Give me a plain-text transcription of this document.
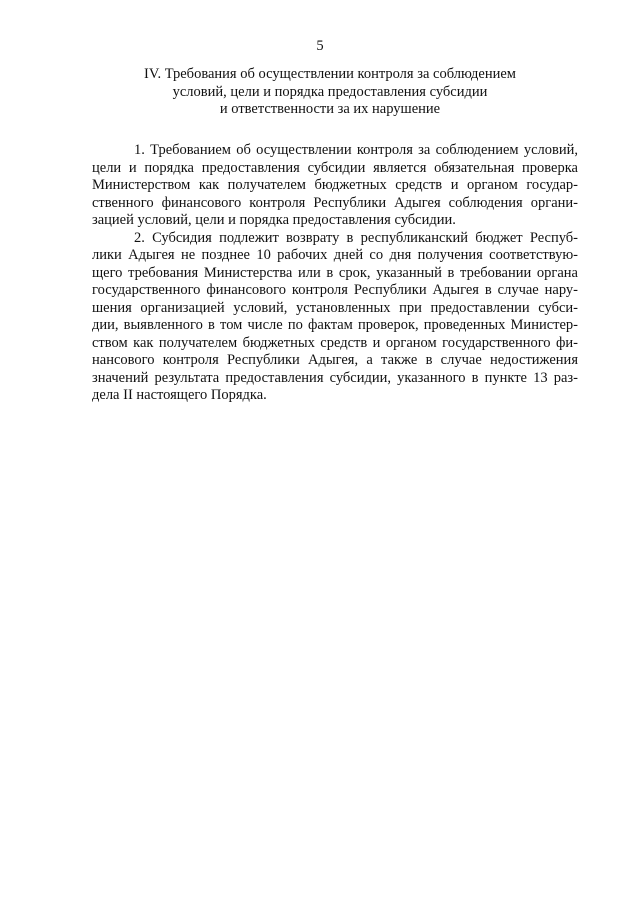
5
IV. Требования об осуществлении контроля за соблюдением
условий, цели и порядка предоставления субсидии
и ответственности за их нарушение
1. Требованием об осуществлении контроля за соблюдением условий,
цели и порядка предоставления субсидии является обязательная проверка
Министерством как получателем бюджетных средств и органом государ-
ственного финансового контроля Республики Адыгея соблюдения органи-
зацией условий, цели и порядка предоставления субсидии.
2. Субсидия подлежит возврату в республиканский бюджет Респуб-
лики Адыгея не позднее 10 рабочих дней со дня получения соответствую-
щего требования Министерства или в срок, указанный в требовании органа
государственного финансового контроля Республики Адыгея в случае нару-
шения организацией условий, установленных при предоставлении субси-
дии, выявленного в том числе по фактам проверок, проведенных Министер-
ством как получателем бюджетных средств и органом государственного фи-
нансового контроля Республики Адыгея, а также в случае недостижения
значений результата предоставления субсидии, указанного в пункте 13 раз-
дела II настоящего Порядка.
